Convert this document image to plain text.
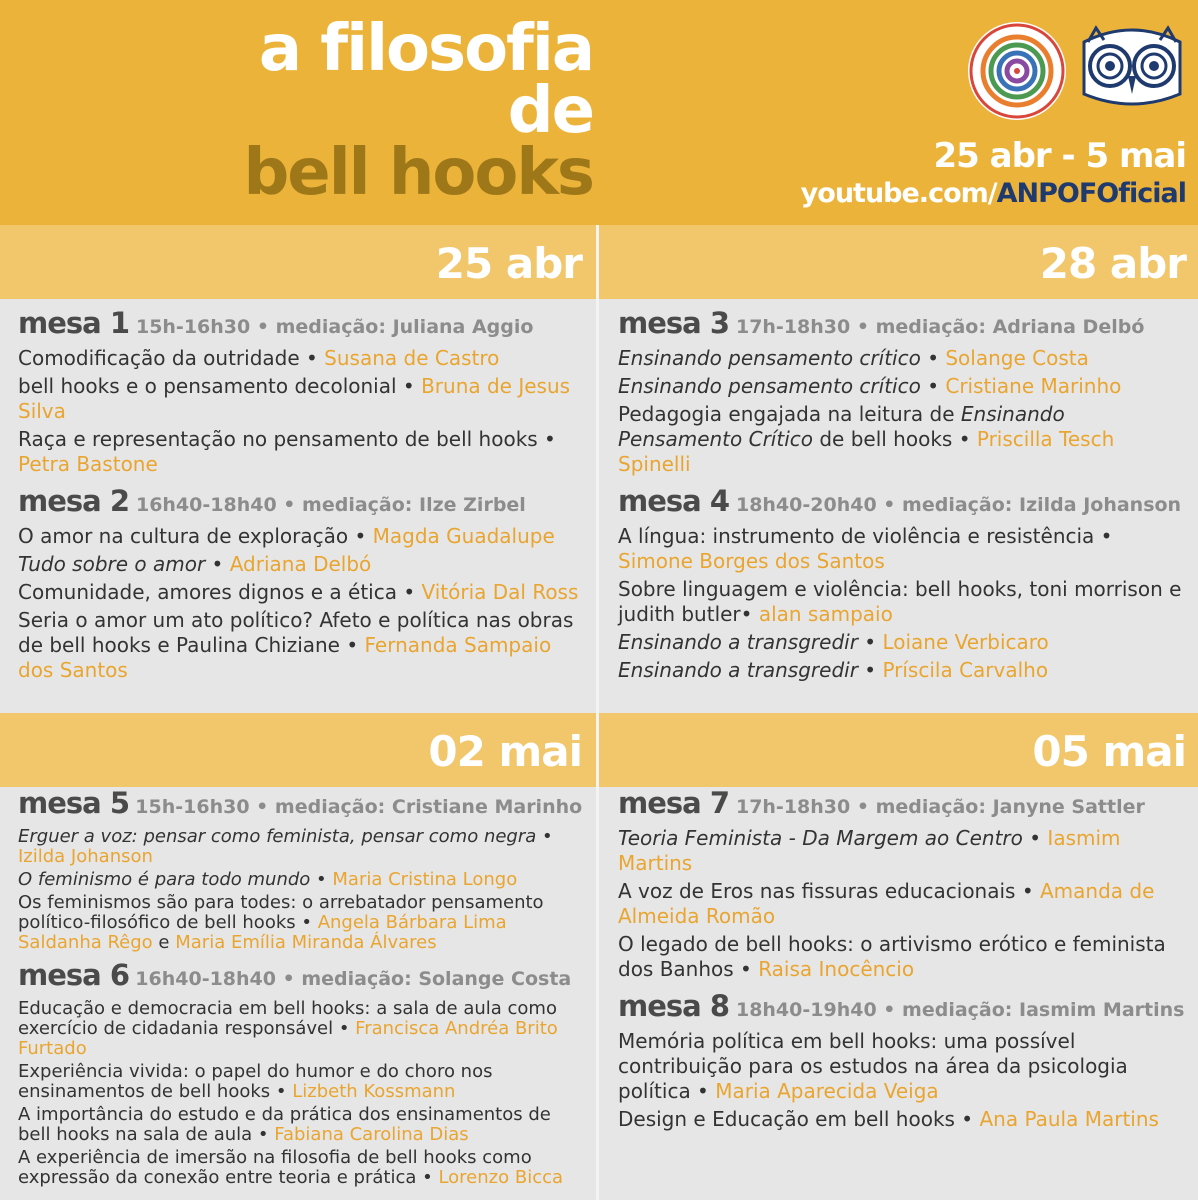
a filosofia
de
bell hooks	25 abr - 5 mai
youtube.com/ANPOFOficial
25 abr	28 abr
02 mai	05 mai
mesa 1 15h-16h30 • mediação: Juliana Aggio
Comodificação da outridade • Susana de Castro
bell hooks e o pensamento decolonial • Bruna de Jesus Silva
Raça e representação no pensamento de bell hooks • Petra Bastone
mesa 2 16h40-18h40 • mediação: Ilze Zirbel
O amor na cultura de exploração • Magda Guadalupe
Tudo sobre o amor • Adriana Delbó
Comunidade, amores dignos e a ética • Vitória Dal Ross
Seria o amor um ato político? Afeto e política nas obras de bell hooks e Paulina Chiziane • Fernanda Sampaio dos Santos
mesa 3 17h-18h30 • mediação: Adriana Delbó
Ensinando pensamento crítico • Solange Costa
Ensinando pensamento crítico • Cristiane Marinho
Pedagogia engajada na leitura de Ensinando Pensamento Crítico de bell hooks • Priscilla Tesch Spinelli
mesa 4 18h40-20h40 • mediação: Izilda Johanson
A língua: instrumento de violência e resistência • Simone Borges dos Santos
Sobre linguagem e violência: bell hooks, toni morrison e judith butler• alan sampaio
Ensinando a transgredir • Loiane Verbicaro
Ensinando a transgredir • Príscila Carvalho
mesa 5 15h-16h30 • mediação: Cristiane Marinho
Erguer a voz: pensar como feminista, pensar como negra • Izilda Johanson
O feminismo é para todo mundo • Maria Cristina Longo
Os feminismos são para todes: o arrebatador pensamento político-filosófico de bell hooks • Angela Bárbara Lima Saldanha Rêgo e Maria Emília Miranda Álvares
mesa 6 16h40-18h40 • mediação: Solange Costa
Educação e democracia em bell hooks: a sala de aula como exercício de cidadania responsável • Francisca Andréa Brito Furtado
Experiência vivida: o papel do humor e do choro nos ensinamentos de bell hooks • Lizbeth Kossmann
A importância do estudo e da prática dos ensinamentos de bell hooks na sala de aula • Fabiana Carolina Dias
A experiência de imersão na filosofia de bell hooks como expressão da conexão entre teoria e prática • Lorenzo Bicca
mesa 7 17h-18h30 • mediação: Janyne Sattler
Teoria Feminista - Da Margem ao Centro • Iasmim Martins
A voz de Eros nas fissuras educacionais • Amanda de Almeida Romão
O legado de bell hooks: o artivismo erótico e feminista dos Banhos • Raisa Inocêncio
mesa 8 18h40-19h40 • mediação: Iasmim Martins
Memória política em bell hooks: uma possível contribuição para os estudos na área da psicologia política • Maria Aparecida Veiga
Design e Educação em bell hooks • Ana Paula Martins
